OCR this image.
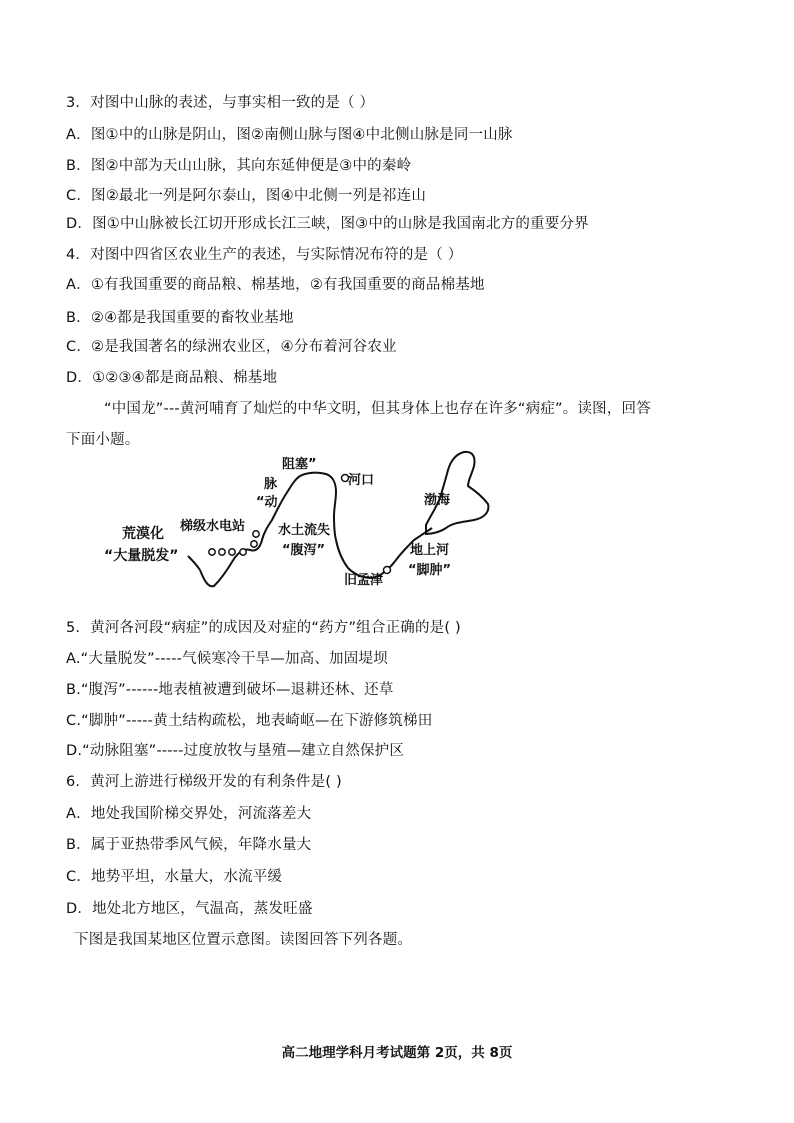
3．对图中山脉的表述，与事实相一致的是（ ）
A．图①中的山脉是阴山，图②南侧山脉与图④中北侧山脉是同一山脉
B．图②中部为天山山脉，其向东延伸便是③中的秦岭
C．图②最北一列是阿尔泰山，图④中北侧一列是祁连山
D．图①中山脉被长江切开形成长江三峡，图③中的山脉是我国南北方的重要分界
4．对图中四省区农业生产的表述，与实际情况布符的是（ ）
A．①有我国重要的商品粮、棉基地，②有我国重要的商品棉基地
B．②④都是我国重要的畜牧业基地
C．②是我国著名的绿洲农业区，④分布着河谷农业
D．①②③④都是商品粮、棉基地
“中国龙”---黄河哺育了灿烂的中华文明，但其身体上也存在许多“病症”。读图，回答
下面小题。
阻塞”
脉
“动
河口
渤海
梯级水电站
荒漠化
“大量脱发”
水土流失
“腹泻”	地上河
“脚肿”
旧孟津
5．黄河各河段“病症”的成因及对症的“药方”组合正确的是( )
A.“大量脱发”-----气候寒冷干旱—加高、加固堤坝
B.“腹泻”------地表植被遭到破坏—退耕还林、还草
C.“脚肿”-----黄土结构疏松，地表崎岖—在下游修筑梯田
D.“动脉阻塞”-----过度放牧与垦殖—建立自然保护区
6．黄河上游进行梯级开发的有利条件是( )
A．地处我国阶梯交界处，河流落差大
B．属于亚热带季风气候，年降水量大
C．地势平坦，水量大，水流平缓
D．地处北方地区，气温高，蒸发旺盛
下图是我国某地区位置示意图。读图回答下列各题。
高二地理学科月考试题第 2页，共 8页
